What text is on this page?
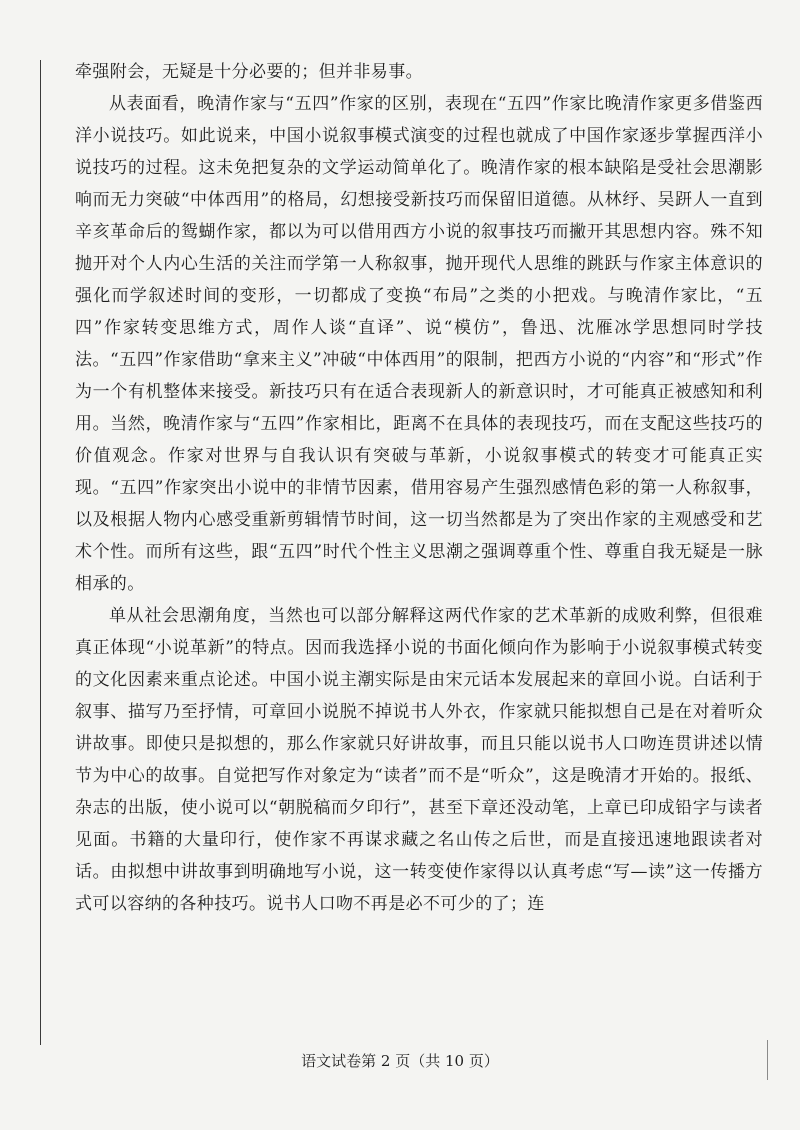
牵强附会，无疑是十分必要的；但并非易事。

从表面看，晚清作家与“五四”作家的区别，表现在“五四”作家比晚清作家更多借鉴西洋小说技巧。如此说来，中国小说叙事模式演变的过程也就成了中国作家逐步掌握西洋小说技巧的过程。这未免把复杂的文学运动简单化了。晚清作家的根本缺陷是受社会思潮影响而无力突破“中体西用”的格局，幻想接受新技巧而保留旧道德。从林纾、吴趼人一直到辛亥革命后的鸳蝴作家，都以为可以借用西方小说的叙事技巧而撇开其思想内容。殊不知抛开对个人内心生活的关注而学第一人称叙事，抛开现代人思维的跳跃与作家主体意识的强化而学叙述时间的变形，一切都成了变换“布局”之类的小把戏。与晚清作家比，“五四”作家转变思维方式，周作人谈“直译”、说“模仿”，鲁迅、沈雁冰学思想同时学技法。“五四”作家借助“拿来主义”冲破“中体西用”的限制，把西方小说的“内容”和“形式”作为一个有机整体来接受。新技巧只有在适合表现新人的新意识时，才可能真正被感知和利用。当然，晚清作家与“五四”作家相比，距离不在具体的表现技巧，而在支配这些技巧的价值观念。作家对世界与自我认识有突破与革新，小说叙事模式的转变才可能真正实现。“五四”作家突出小说中的非情节因素，借用容易产生强烈感情色彩的第一人称叙事，以及根据人物内心感受重新剪辑情节时间，这一切当然都是为了突出作家的主观感受和艺术个性。而所有这些，跟“五四”时代个性主义思潮之强调尊重个性、尊重自我无疑是一脉相承的。

单从社会思潮角度，当然也可以部分解释这两代作家的艺术革新的成败利弊，但很难真正体现“小说革新”的特点。因而我选择小说的书面化倾向作为影响于小说叙事模式转变的文化因素来重点论述。中国小说主潮实际是由宋元话本发展起来的章回小说。白话利于叙事、描写乃至抒情，可章回小说脱不掉说书人外衣，作家就只能拟想自己是在对着听众讲故事。即使只是拟想的，那么作家就只好讲故事，而且只能以说书人口吻连贯讲述以情节为中心的故事。自觉把写作对象定为“读者”而不是“听众”，这是晚清才开始的。报纸、杂志的出版，使小说可以“朝脱稿而夕印行”，甚至下章还没动笔，上章已印成铅字与读者见面。书籍的大量印行，使作家不再谋求藏之名山传之后世，而是直接迅速地跟读者对话。由拟想中讲故事到明确地写小说，这一转变使作家得以认真考虑“写—读”这一传播方式可以容纳的各种技巧。说书人口吻不再是必不可少的了；连

语文试卷第 2 页（共 10 页）
